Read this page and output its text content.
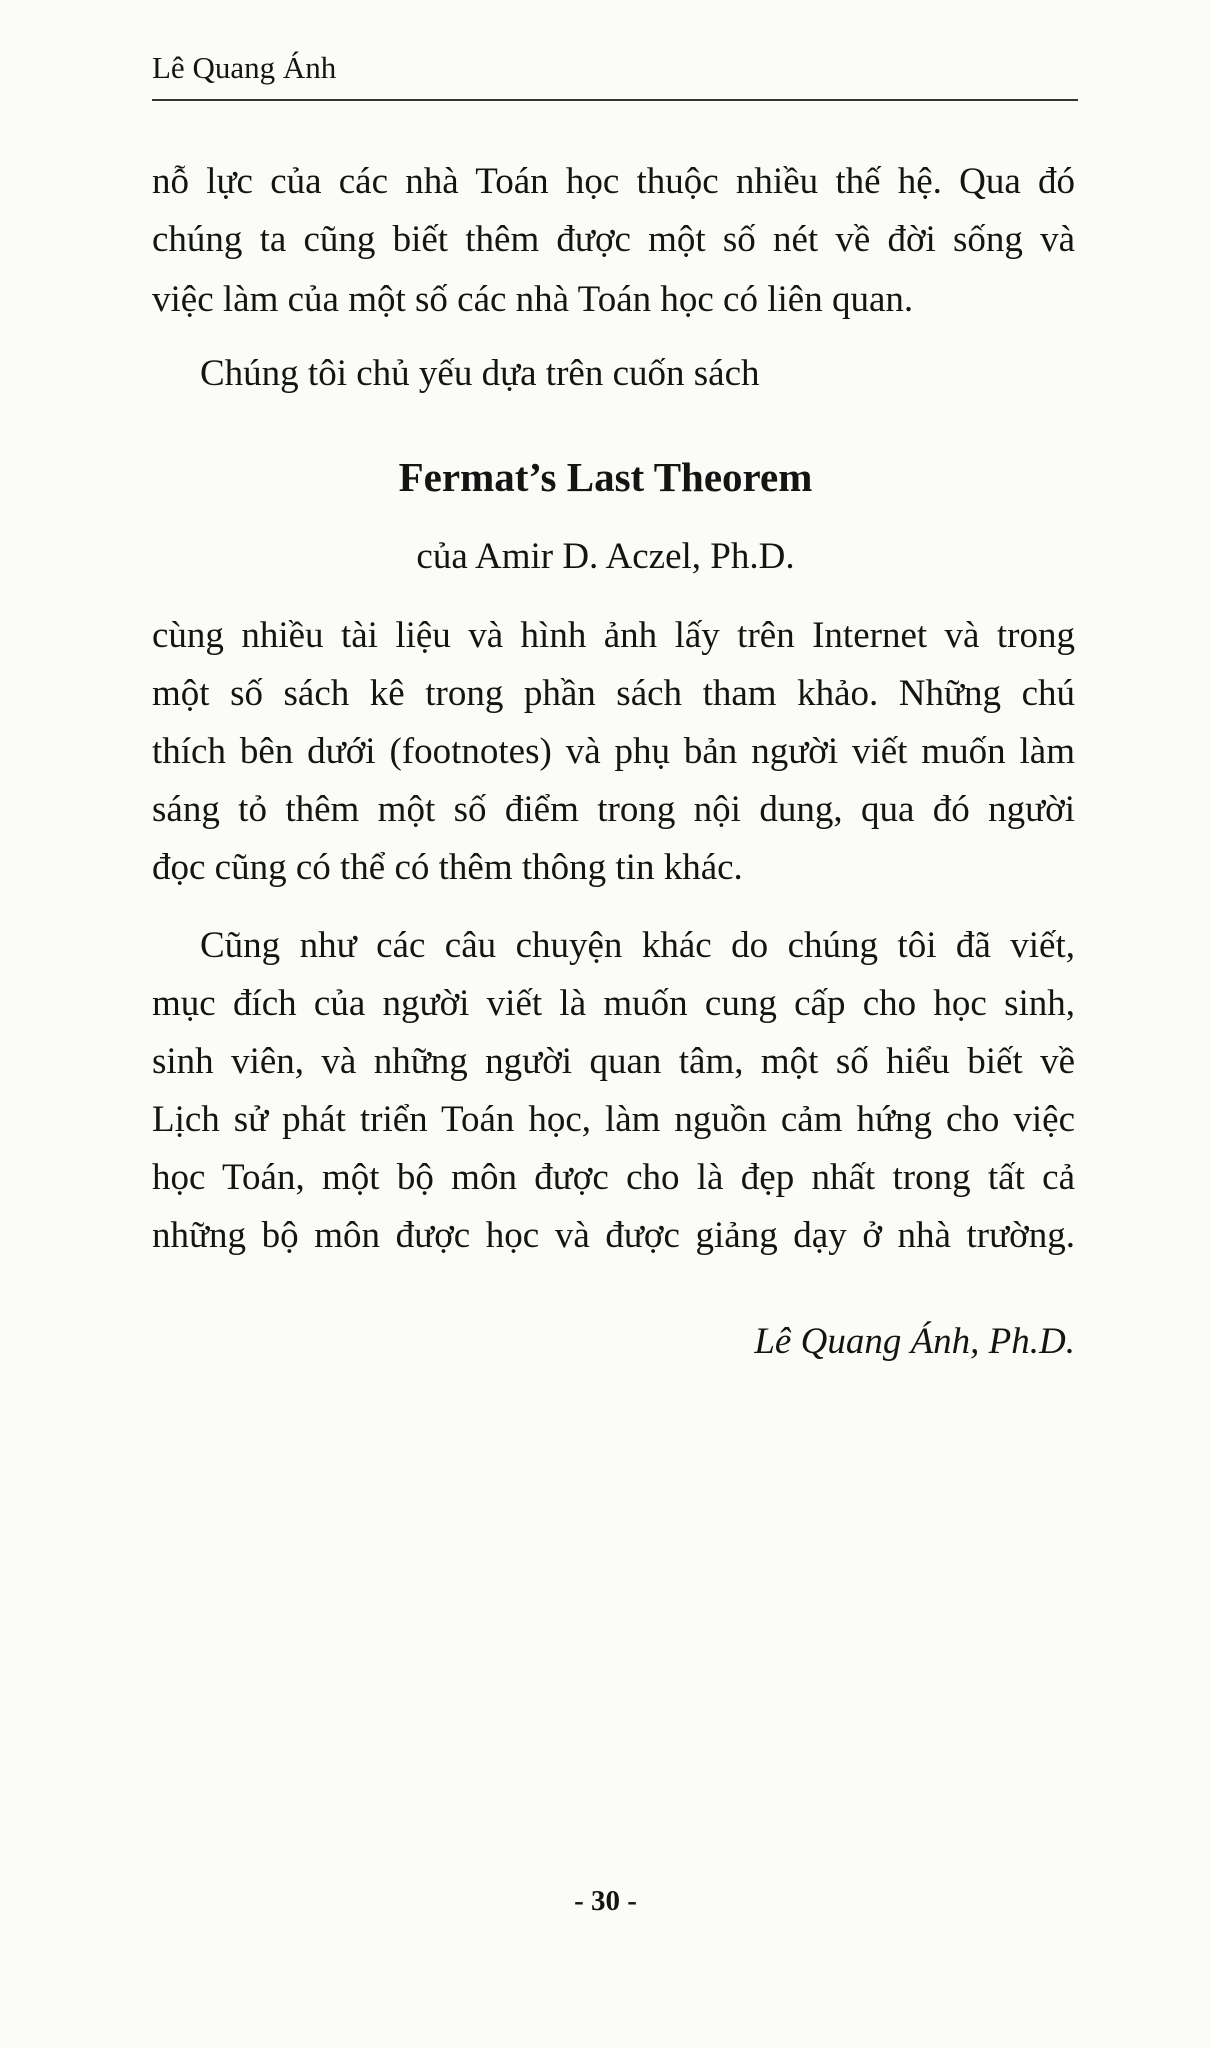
Lê Quang Ánh
nỗ lực của các nhà Toán học thuộc nhiều thế hệ. Qua đó
chúng ta cũng biết thêm được một số nét về đời sống và
việc làm của một số các nhà Toán học có liên quan.
Chúng tôi chủ yếu dựa trên cuốn sách
Fermat’s Last Theorem
của Amir D. Aczel, Ph.D.
cùng nhiều tài liệu và hình ảnh lấy trên Internet và trong
một số sách kê trong phần sách tham khảo. Những chú
thích bên dưới (footnotes) và phụ bản người viết muốn làm
sáng tỏ thêm một số điểm trong nội dung, qua đó người
đọc cũng có thể có thêm thông tin khác.
Cũng như các câu chuyện khác do chúng tôi đã viết,
mục đích của người viết là muốn cung cấp cho học sinh,
sinh viên, và những người quan tâm, một số hiểu biết về
Lịch sử phát triển Toán học, làm nguồn cảm hứng cho việc
học Toán, một bộ môn được cho là đẹp nhất trong tất cả
những bộ môn được học và được giảng dạy ở nhà trường.
Lê Quang Ánh, Ph.D.
- 30 -
